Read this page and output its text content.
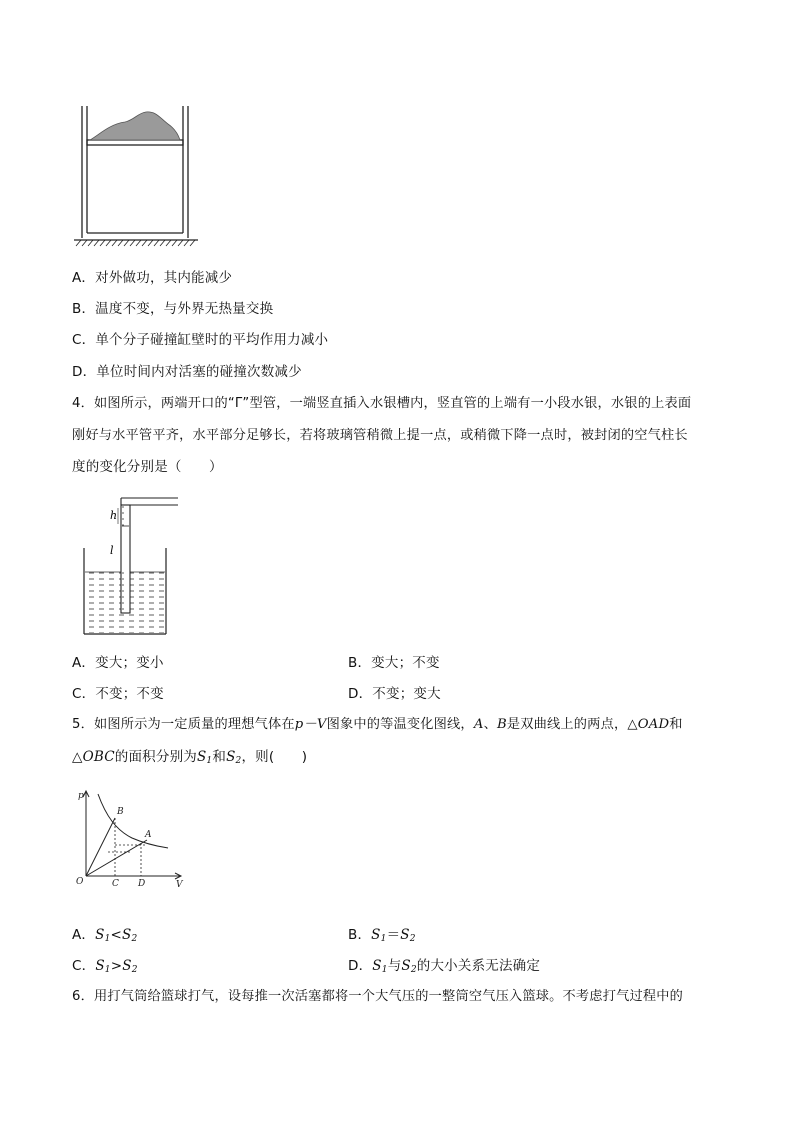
A．对外做功，其内能减少
B．温度不变，与外界无热量交换
C．单个分子碰撞缸壁时的平均作用力减小
D．单位时间内对活塞的碰撞次数减少
4．如图所示，两端开口的“Γ”型管，一端竖直插入水银槽内，竖直管的上端有一小段水银，水银的上表面
刚好与水平管平齐，水平部分足够长，若将玻璃管稍微上提一点，或稍微下降一点时，被封闭的空气柱长
度的变化分别是（　　）
h
l
A．变大；变小	B．变大；不变
C．不变；不变	D．不变；变大
5．如图所示为一定质量的理想气体在p－V图象中的等温变化图线，A、B是双曲线上的两点，△OAD和
△OBC的面积分别为$S_1$和$S_2$，则(　　)
p
V
O	C D
A
B
A．$S_1<S_2$	B．$S_1=S_2$
C．$S_1>S_2$	D．$S_1$与$S_2$的大小关系无法确定
6．用打气筒给篮球打气，设每推一次活塞都将一个大气压的一整筒空气压入篮球。不考虑打气过程中的
